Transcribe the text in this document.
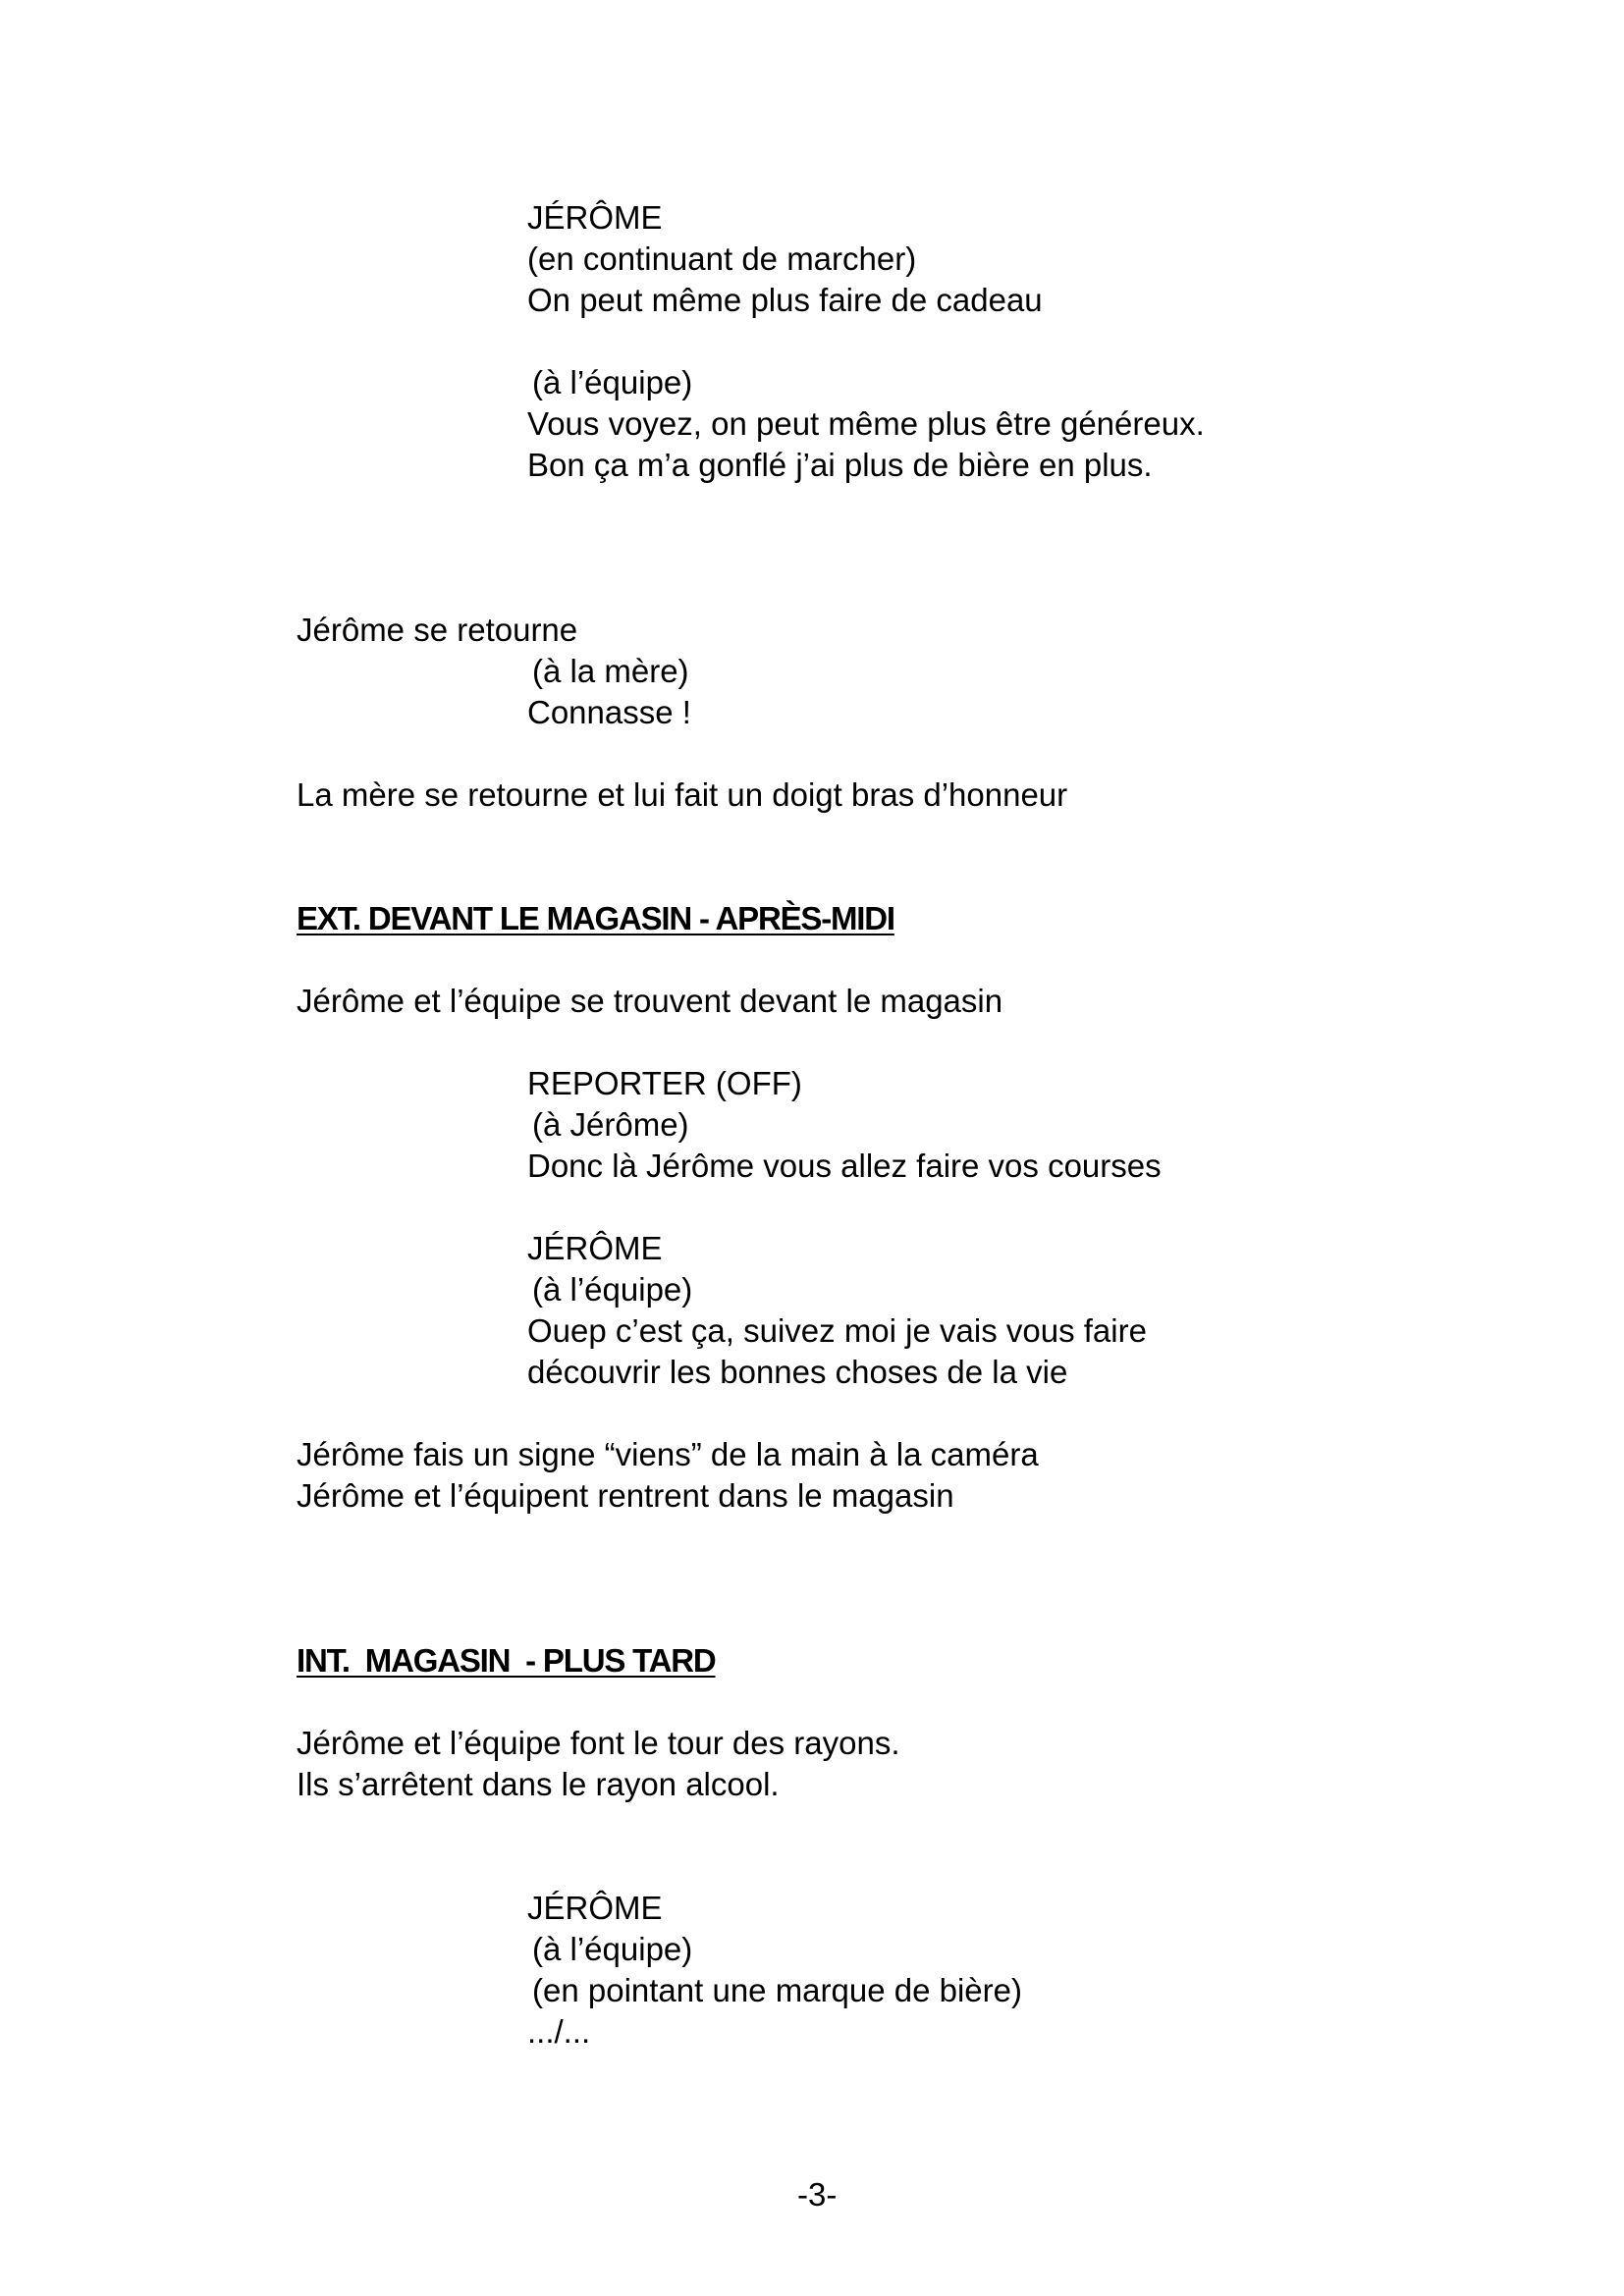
JÉRÔME
(en continuant de marcher)
On peut même plus faire de cadeau
(à l’équipe)
Vous voyez, on peut même plus être généreux.
Bon ça m’a gonflé j’ai plus de bière en plus.
Jérôme se retourne
(à la mère)
Connasse !
La mère se retourne et lui fait un doigt bras d’honneur
EXT. DEVANT LE MAGASIN - APRÈS-MIDI
Jérôme et l’équipe se trouvent devant le magasin
REPORTER (OFF)
(à Jérôme)
Donc là Jérôme vous allez faire vos courses
JÉRÔME
(à l’équipe)
Ouep c’est ça, suivez moi je vais vous faire
découvrir les bonnes choses de la vie
Jérôme fais un signe “viens” de la main à la caméra
Jérôme et l’équipent rentrent dans le magasin
INT.  MAGASIN  - PLUS TARD
Jérôme et l’équipe font le tour des rayons.
Ils s’arrêtent dans le rayon alcool.
JÉRÔME
(à l’équipe)
(en pointant une marque de bière)
.../...
-3-
